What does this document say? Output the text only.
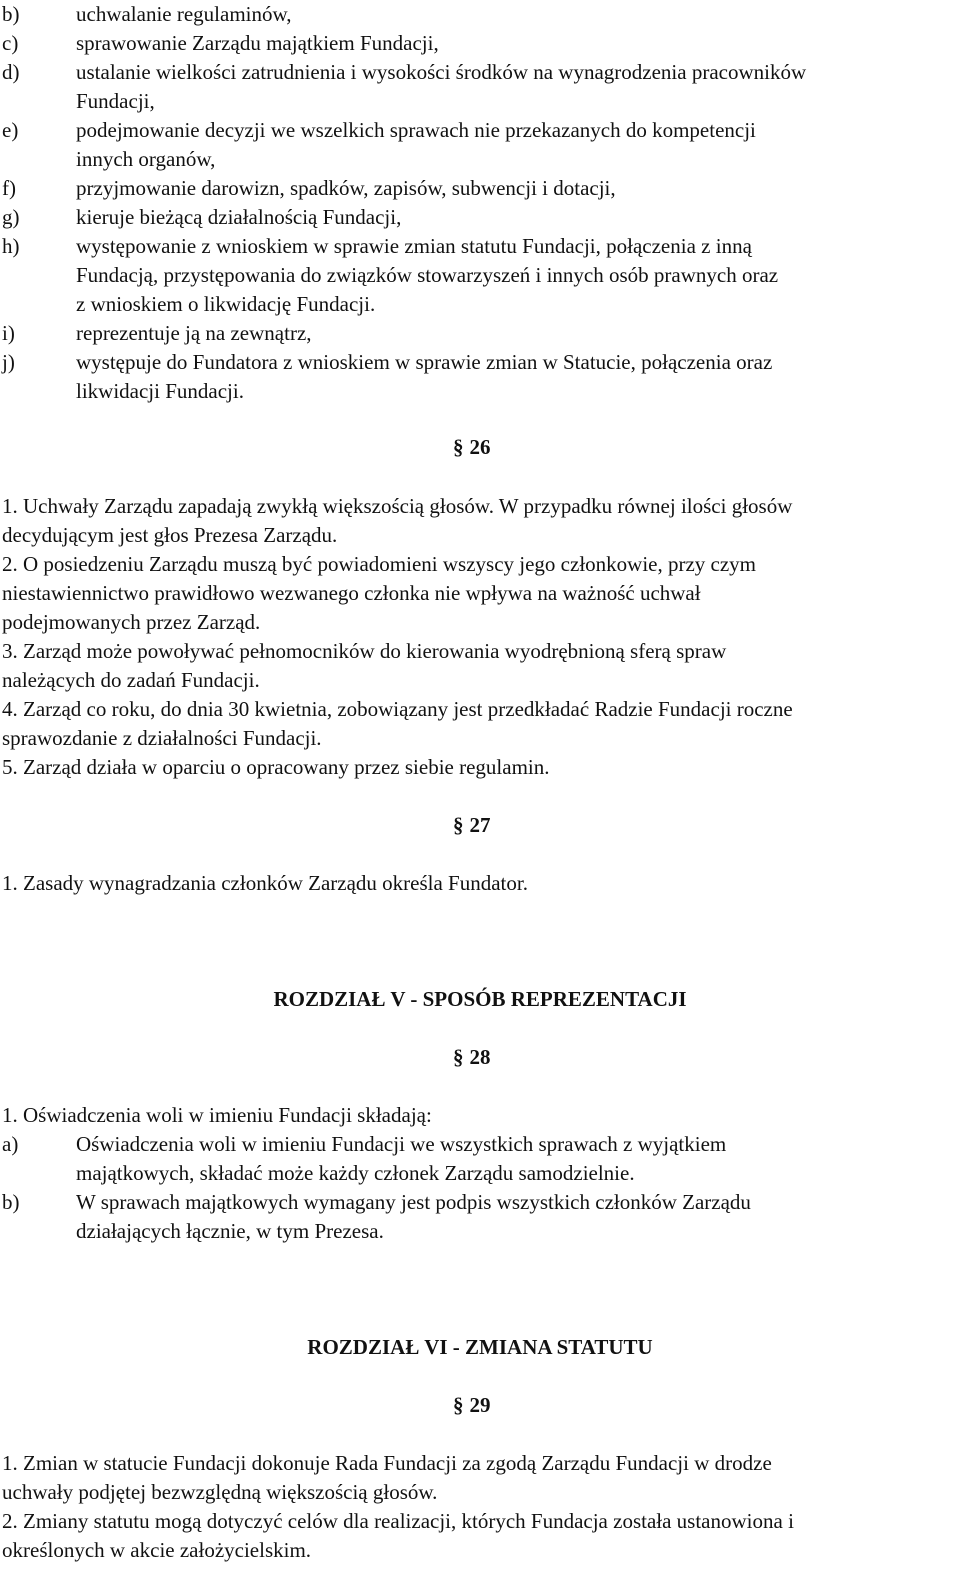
b)	uchwalanie regulaminów,
c)	sprawowanie Zarządu majątkiem Fundacji,
d)	ustalanie wielkości zatrudnienia i wysokości środków na wynagrodzenia pracowników
Fundacji,
e)	podejmowanie decyzji we wszelkich sprawach nie przekazanych do kompetencji
innych organów,
f)	przyjmowanie darowizn, spadków, zapisów, subwencji i dotacji,
g)	kieruje bieżącą działalnością Fundacji,
h)	występowanie z wnioskiem w sprawie zmian statutu Fundacji, połączenia z inną
Fundacją, przystępowania do związków stowarzyszeń i innych osób prawnych oraz
z wnioskiem o likwidację Fundacji.
i)	reprezentuje ją na zewnątrz,
j)	występuje do Fundatora z wnioskiem w sprawie zmian w Statucie, połączenia oraz
likwidacji Fundacji.
§ 26
1. Uchwały Zarządu zapadają zwykłą większością głosów. W przypadku równej ilości głosów
decydującym jest głos Prezesa Zarządu.
2. O posiedzeniu Zarządu muszą być powiadomieni wszyscy jego członkowie, przy czym
niestawiennictwo prawidłowo wezwanego członka nie wpływa na ważność uchwał
podejmowanych przez Zarząd.
3. Zarząd może powoływać pełnomocników do kierowania wyodrębnioną sferą spraw
należących do zadań Fundacji.
4. Zarząd co roku, do dnia 30 kwietnia, zobowiązany jest przedkładać Radzie Fundacji roczne
sprawozdanie z działalności Fundacji.
5. Zarząd działa w oparciu o opracowany przez siebie regulamin.
§ 27
1. Zasady wynagradzania członków Zarządu określa Fundator.
ROZDZIAŁ V - SPOSÓB REPREZENTACJI
§ 28
1. Oświadczenia woli w imieniu Fundacji składają:
a)	Oświadczenia woli w imieniu Fundacji we wszystkich sprawach z wyjątkiem
majątkowych, składać może każdy członek Zarządu samodzielnie.
b)	W sprawach majątkowych wymagany jest podpis wszystkich członków Zarządu
działających łącznie, w tym Prezesa.
ROZDZIAŁ VI - ZMIANA STATUTU
§ 29
1. Zmian w statucie Fundacji dokonuje Rada Fundacji za zgodą Zarządu Fundacji w drodze
uchwały podjętej bezwzględną większością głosów.
2. Zmiany statutu mogą dotyczyć celów dla realizacji, których Fundacja została ustanowiona i
określonych w akcie założycielskim.
